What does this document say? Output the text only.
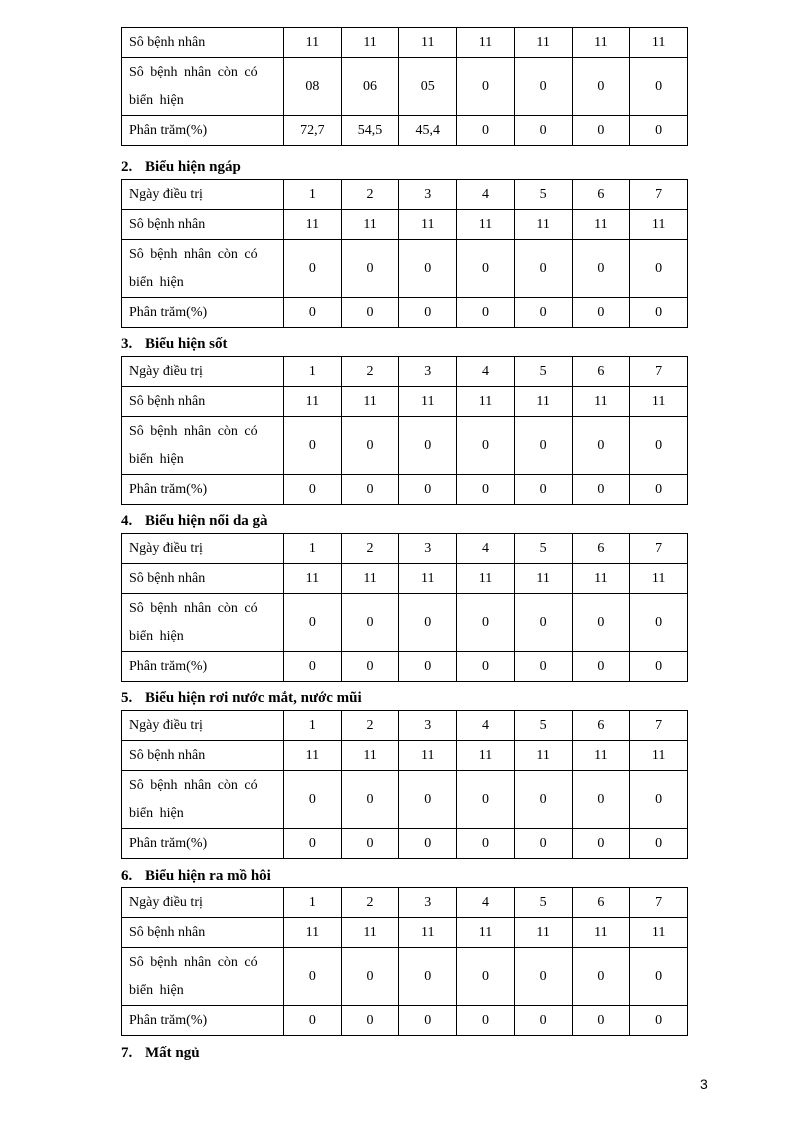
Sô bệnh nhân	11	11	11	11	11	11	11
Sô bệnh nhân còn có biển hiện	08	06	05	0	0	0	0
Phân trăm(%)	72,7	54,5	45,4	0	0	0	0
2. Biểu hiện ngáp
Ngày điều trị	1	2	3	4	5	6	7
Sô bệnh nhân	11	11	11	11	11	11	11
Sô bệnh nhân còn có biển hiện	0	0	0	0	0	0	0
Phân trăm(%)	0	0	0	0	0	0	0
3. Biểu hiện sốt
Ngày điều trị	1	2	3	4	5	6	7
Sô bệnh nhân	11	11	11	11	11	11	11
Sô bệnh nhân còn có biển hiện	0	0	0	0	0	0	0
Phân trăm(%)	0	0	0	0	0	0	0
4. Biểu hiện nổi da gà
Ngày điều trị	1	2	3	4	5	6	7
Sô bệnh nhân	11	11	11	11	11	11	11
Sô bệnh nhân còn có biển hiện	0	0	0	0	0	0	0
Phân trăm(%)	0	0	0	0	0	0	0
5. Biểu hiện rơi nước mắt, nước mũi
Ngày điều trị	1	2	3	4	5	6	7
Sô bệnh nhân	11	11	11	11	11	11	11
Sô bệnh nhân còn có biển hiện	0	0	0	0	0	0	0
Phân trăm(%)	0	0	0	0	0	0	0
6. Biểu hiện ra mồ hôi
Ngày điều trị	1	2	3	4	5	6	7
Sô bệnh nhân	11	11	11	11	11	11	11
Sô bệnh nhân còn có biển hiện	0	0	0	0	0	0	0
Phân trăm(%)	0	0	0	0	0	0	0
7. Mất ngủ
3
